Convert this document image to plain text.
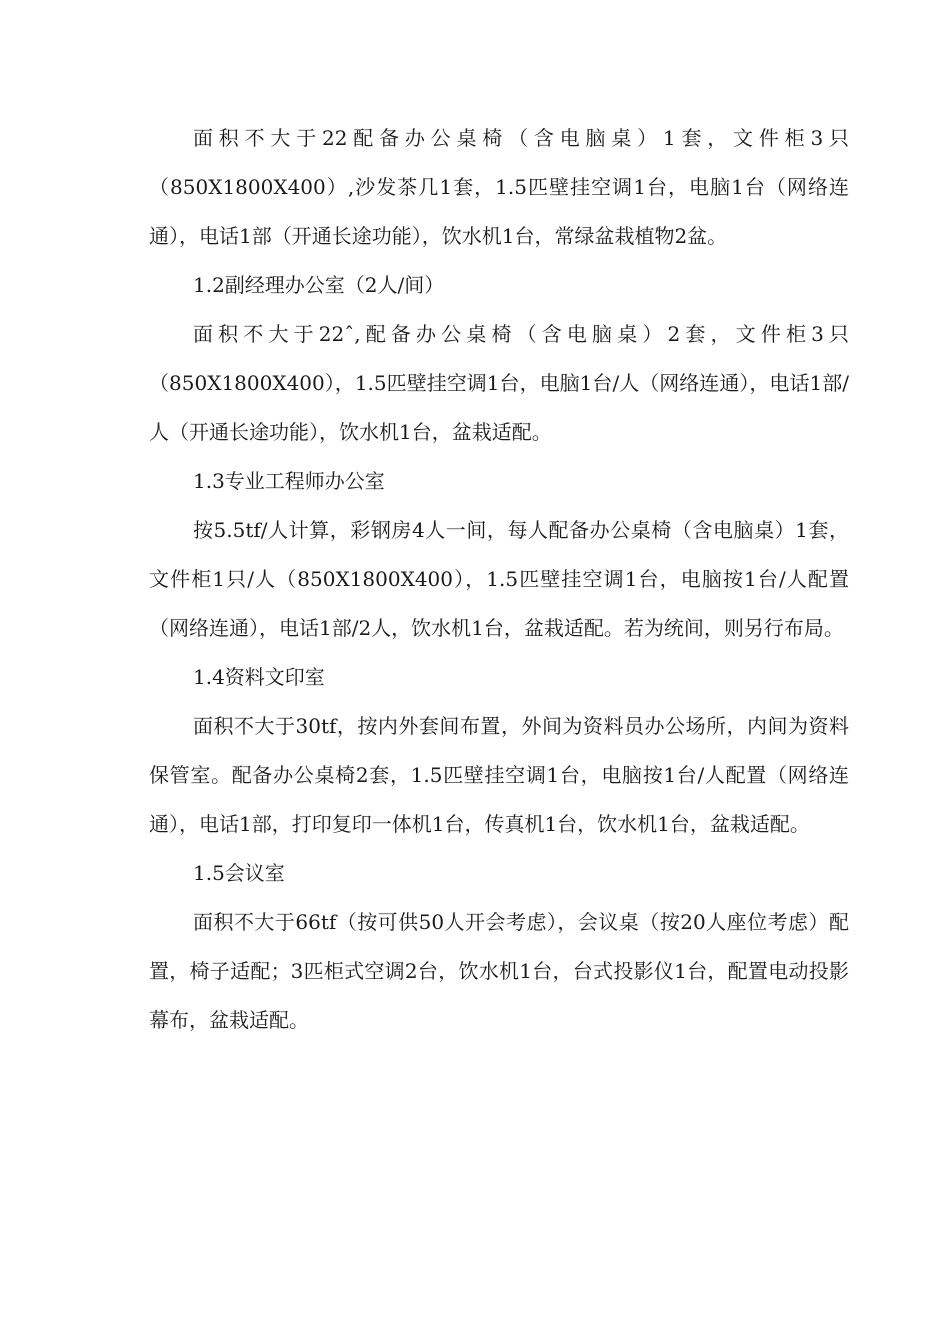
面积不大于22配备办公桌椅（含电脑桌）1套，文件柜3只（850X1800X400）,沙发茶几1套，1.5匹壁挂空调1台，电脑1台（网络连通），电话1部（开通长途功能），饮水机1台，常绿盆栽植物2盆。

1.2副经理办公室（2人/间）

面积不大于22ˆ,配备办公桌椅（含电脑桌）2套，文件柜3只（850X1800X400），1.5匹壁挂空调1台，电脑1台/人（网络连通），电话1部/人（开通长途功能），饮水机1台，盆栽适配。

1.3专业工程师办公室

按5.5tf/人计算，彩钢房4人一间，每人配备办公桌椅（含电脑桌）1套，文件柜1只/人（850X1800X400），1.5匹壁挂空调1台，电脑按1台/人配置（网络连通），电话1部/2人，饮水机1台，盆栽适配。若为统间，则另行布局。

1.4资料文印室

面积不大于30tf，按内外套间布置，外间为资料员办公场所，内间为资料保管室。配备办公桌椅2套，1.5匹壁挂空调1台，电脑按1台/人配置（网络连通），电话1部，打印复印一体机1台，传真机1台，饮水机1台，盆栽适配。

1.5会议室

面积不大于66tf（按可供50人开会考虑），会议桌（按20人座位考虑）配置，椅子适配；3匹柜式空调2台，饮水机1台，台式投影仪1台，配置电动投影幕布，盆栽适配。
